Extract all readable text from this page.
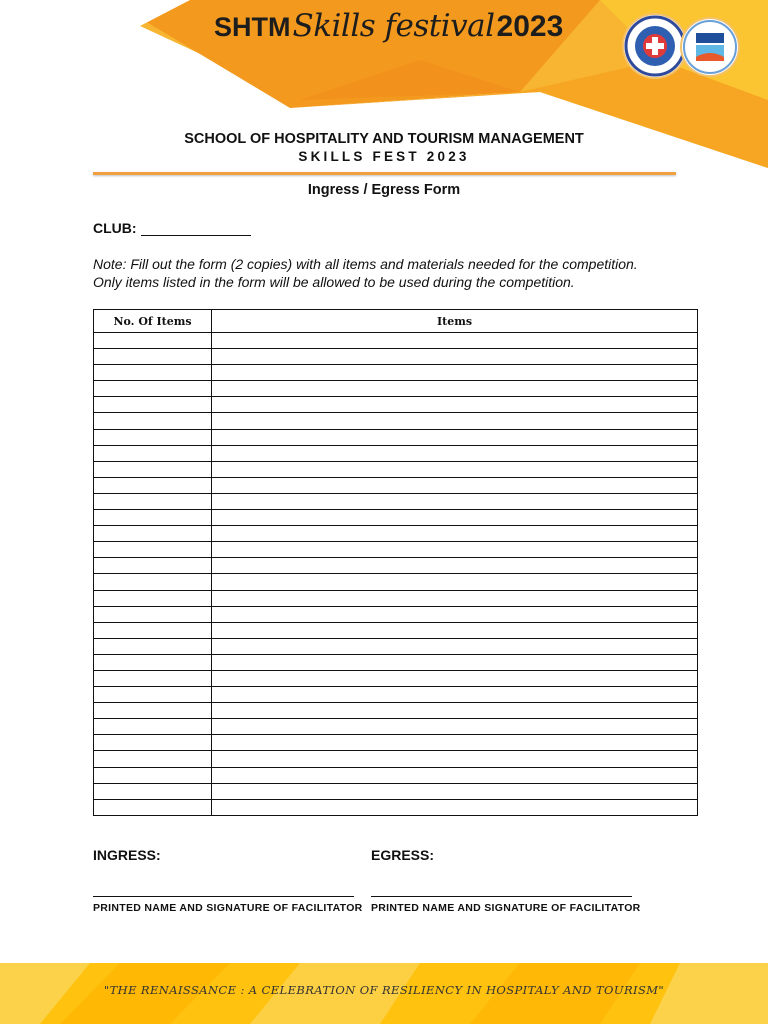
SHTM Skills festival 2023
SCHOOL OF HOSPITALITY AND TOURISM MANAGEMENT
SKILLS FEST 2023
Ingress / Egress Form
CLUB:
Note: Fill out the form (2 copies) with all items and materials needed for the competition.
Only items listed in the form will be allowed to be used during the competition.
No. Of Items	Items

INGRESS:	EGRESS:
PRINTED NAME AND SIGNATURE OF FACILITATOR PRINTED NAME AND SIGNATURE OF FACILITATOR
"THE RENAISSANCE : A CELEBRATION OF RESILIENCY IN HOSPITALY AND TOURISM"
